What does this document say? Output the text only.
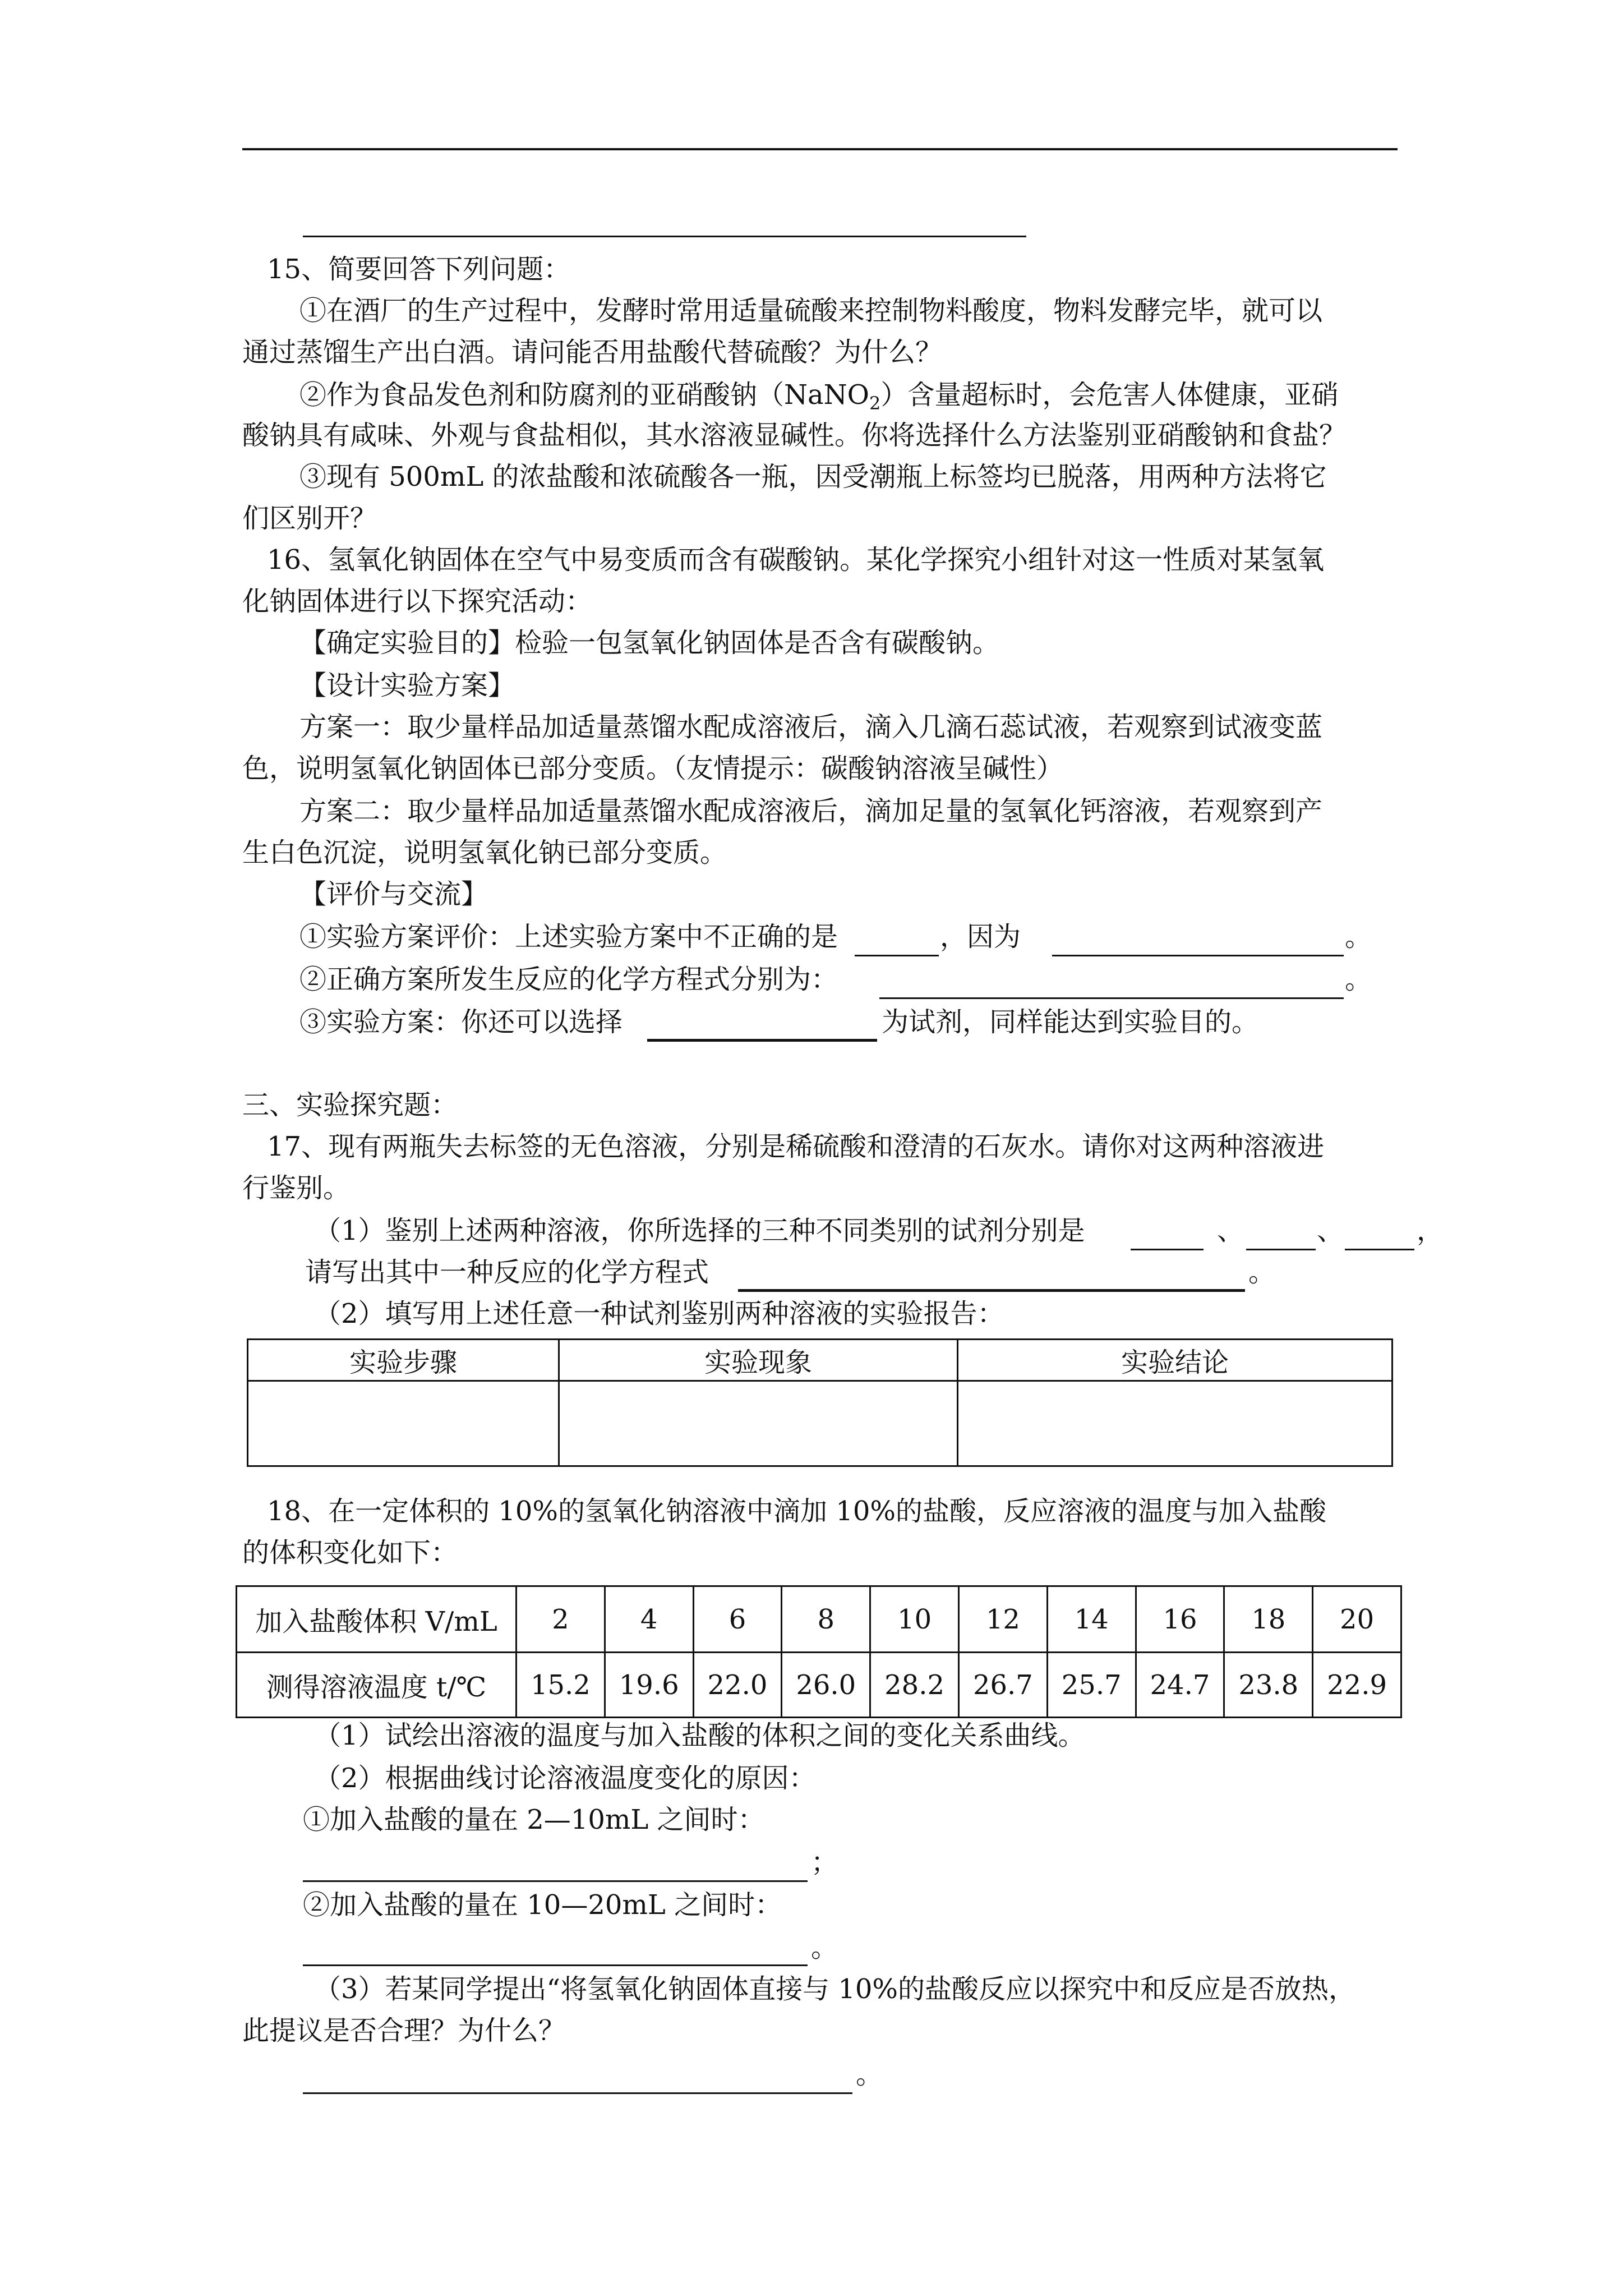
15、简要回答下列问题：
①在酒厂的生产过程中，发酵时常用适量硫酸来控制物料酸度，物料发酵完毕，就可以
通过蒸馏生产出白酒。请问能否用盐酸代替硫酸？为什么？
②作为食品发色剂和防腐剂的亚硝酸钠（NaNO$_2$）含量超标时，会危害人体健康，亚硝
酸钠具有咸味、外观与食盐相似，其水溶液显碱性。你将选择什么方法鉴别亚硝酸钠和食盐？
③现有 500mL 的浓盐酸和浓硫酸各一瓶，因受潮瓶上标签均已脱落，用两种方法将它
们区别开？
16、氢氧化钠固体在空气中易变质而含有碳酸钠。某化学探究小组针对这一性质对某氢氧
化钠固体进行以下探究活动：
【确定实验目的】检验一包氢氧化钠固体是否含有碳酸钠。
【设计实验方案】
方案一：取少量样品加适量蒸馏水配成溶液后，滴入几滴石蕊试液，若观察到试液变蓝
色，说明氢氧化钠固体已部分变质。（友情提示：碳酸钠溶液呈碱性）
方案二：取少量样品加适量蒸馏水配成溶液后，滴加足量的氢氧化钙溶液，若观察到产
生白色沉淀，说明氢氧化钠已部分变质。
【评价与交流】
①实验方案评价：上述实验方案中不正确的是	，因为	。
②正确方案所发生反应的化学方程式分别为：	。
③实验方案：你还可以选择	为试剂，同样能达到实验目的。
三、实验探究题：
17、现有两瓶失去标签的无色溶液，分别是稀硫酸和澄清的石灰水。请你对这两种溶液进
行鉴别。
（1）鉴别上述两种溶液，你所选择的三种不同类别的试剂分别是	、	、	，
请写出其中一种反应的化学方程式	。
（2）填写用上述任意一种试剂鉴别两种溶液的实验报告：
实验步骤	实验现象	实验结论

18、在一定体积的 10%的氢氧化钠溶液中滴加 10%的盐酸，反应溶液的温度与加入盐酸
的体积变化如下：
加入盐酸体积 V/mL	2	4	6	8	10	12	14	16	18	20
测得溶液温度 t/℃	15.2	19.6	22.0	26.0	28.2	26.7	25.7	24.7	23.8	22.9
（1）试绘出溶液的温度与加入盐酸的体积之间的变化关系曲线。
（2）根据曲线讨论溶液温度变化的原因：
①加入盐酸的量在 2—10mL 之间时：
；
②加入盐酸的量在 10—20mL 之间时：
。
（3）若某同学提出“将氢氧化钠固体直接与 10%的盐酸反应以探究中和反应是否放热，
此提议是否合理？为什么？
。
